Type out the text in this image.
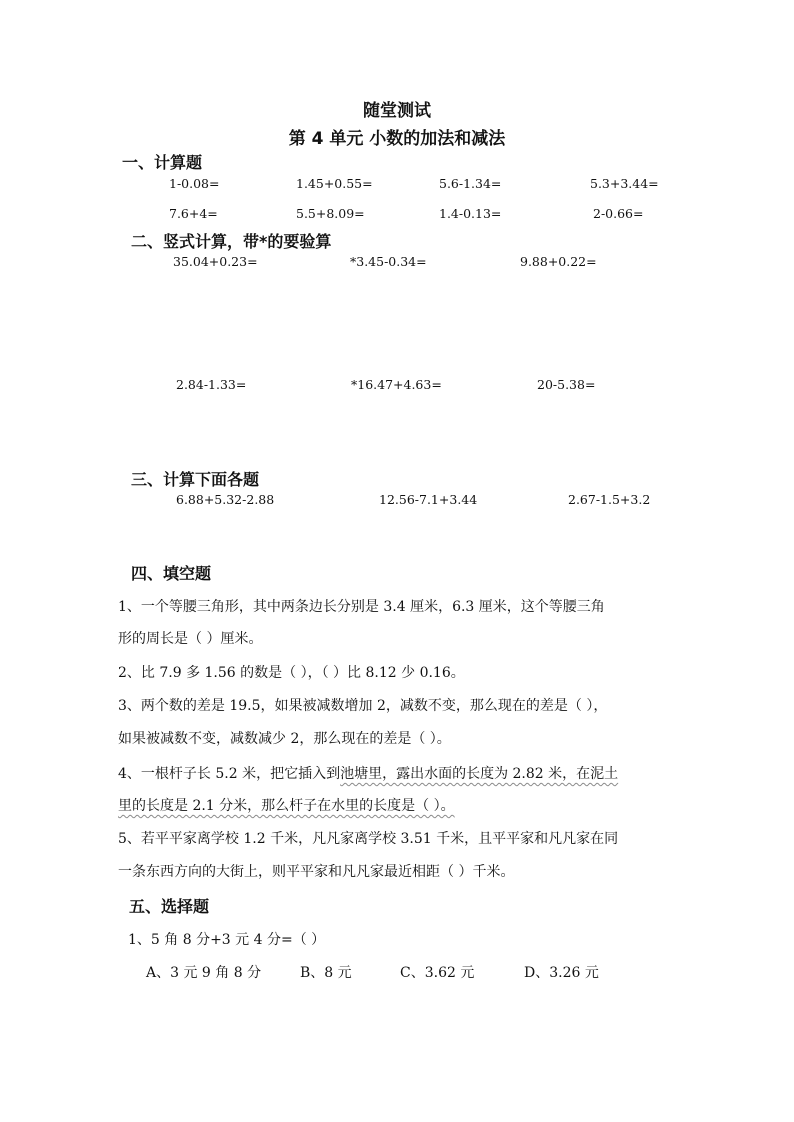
随堂测试
第 4 单元 小数的加法和减法
一、计算题
1-0.08=	1.45+0.55=	5.6-1.34=	5.3+3.44=
7.6+4=	5.5+8.09=	1.4-0.13=	2-0.66=
二、竖式计算，带*的要验算
35.04+0.23=	*3.45-0.34=	9.88+0.22=
2.84-1.33=	*16.47+4.63=	20-5.38=
三、计算下面各题
6.88+5.32-2.88	12.56-7.1+3.44	2.67-1.5+3.2
四、填空题
1、一个等腰三角形，其中两条边长分别是 3.4 厘米，6.3 厘米，这个等腰三角
形的周长是（ ）厘米。
2、比 7.9 多 1.56 的数是（ ），（ ）比 8.12 少 0.16。
3、两个数的差是 19.5，如果被减数增加 2，减数不变，那么现在的差是（ ），
如果被减数不变，减数减少 2，那么现在的差是（ ）。
4、一根杆子长 5.2 米，把它插入到池塘里，露出水面的长度为 2.82 米，在泥土
里的长度是 2.1 分米，那么杆子在水里的长度是（ ）。
5、若平平家离学校 1.2 千米，凡凡家离学校 3.51 千米，且平平家和凡凡家在同
一条东西方向的大街上，则平平家和凡凡家最近相距（ ）千米。
五、选择题
1、5 角 8 分+3 元 4 分=（ ）
A、3 元 9 角 8 分	B、8 元	C、3.62 元	D、3.26 元
